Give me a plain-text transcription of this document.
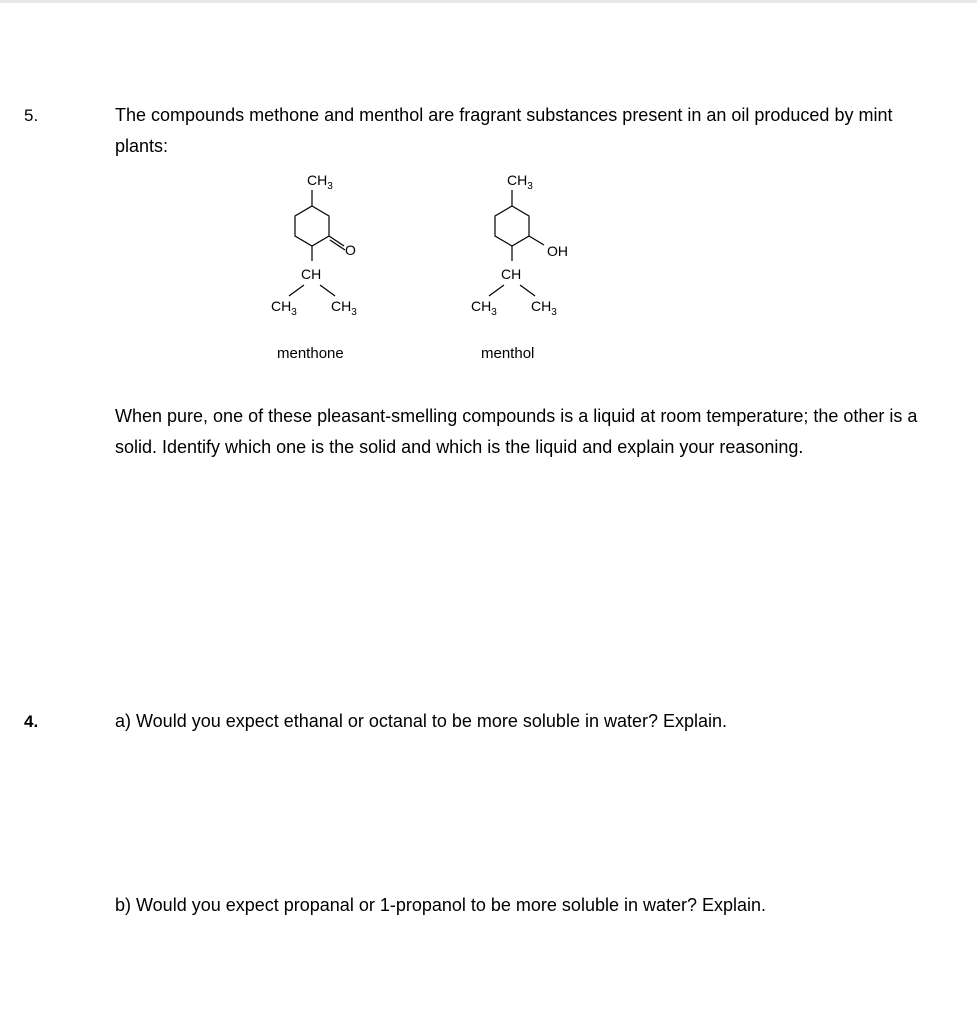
5.	The compounds methone and menthol are fragrant substances present in an oil produced by mint plants:

$CH_3$
O
CH
$CH_3$ $CH_3$
menthone
$CH_3$
OH
CH
$CH_3$ $CH_3$
menthol

When pure, one of these pleasant-smelling compounds is a liquid at room temperature; the other is a solid. Identify which one is the solid and which is the liquid and explain your reasoning.

4.	a) Would you expect ethanal or octanal to be more soluble in water? Explain.

b) Would you expect propanal or 1-propanol to be more soluble in water? Explain.
